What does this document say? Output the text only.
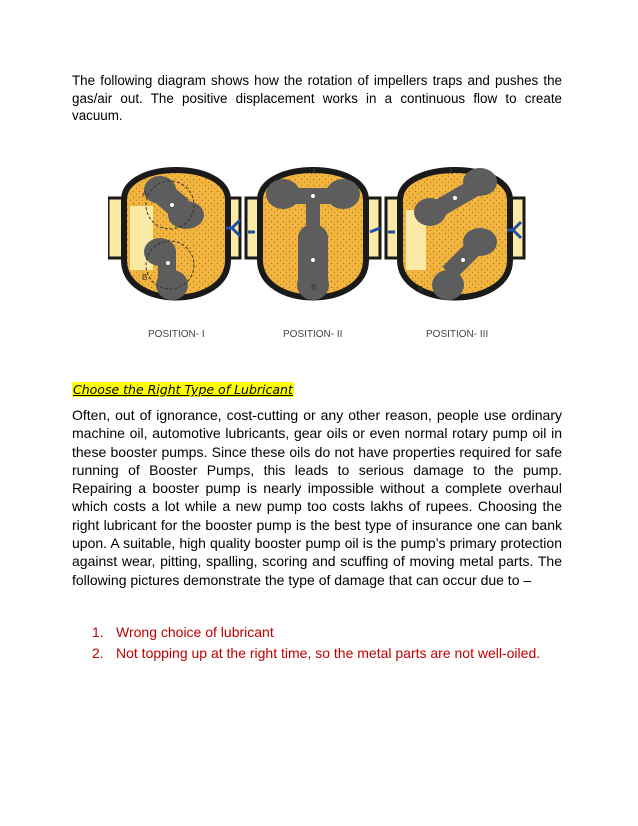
The following diagram shows how the rotation of impellers traps and pushes the gas/air out. The positive displacement works in a continuous flow to create vacuum.

A
B
POSITION- I
A
B
POSITION- II
A
B
POSITION- III

Choose the Right Type of Lubricant

Often, out of ignorance, cost-cutting or any other reason, people use ordinary machine oil, automotive lubricants, gear oils or even normal rotary pump oil in these booster pumps. Since these oils do not have properties required for safe running of Booster Pumps, this leads to serious damage to the pump. Repairing a booster pump is nearly impossible without a complete overhaul which costs a lot while a new pump too costs lakhs of rupees. Choosing the right lubricant for the booster pump is the best type of insurance one can bank upon. A suitable, high quality booster pump oil is the pump’s primary protection against wear, pitting, spalling, scoring and scuffing of moving metal parts. The following pictures demonstrate the type of damage that can occur due to –

1. Wrong choice of lubricant
2. Not topping up at the right time, so the metal parts are not well-oiled.
